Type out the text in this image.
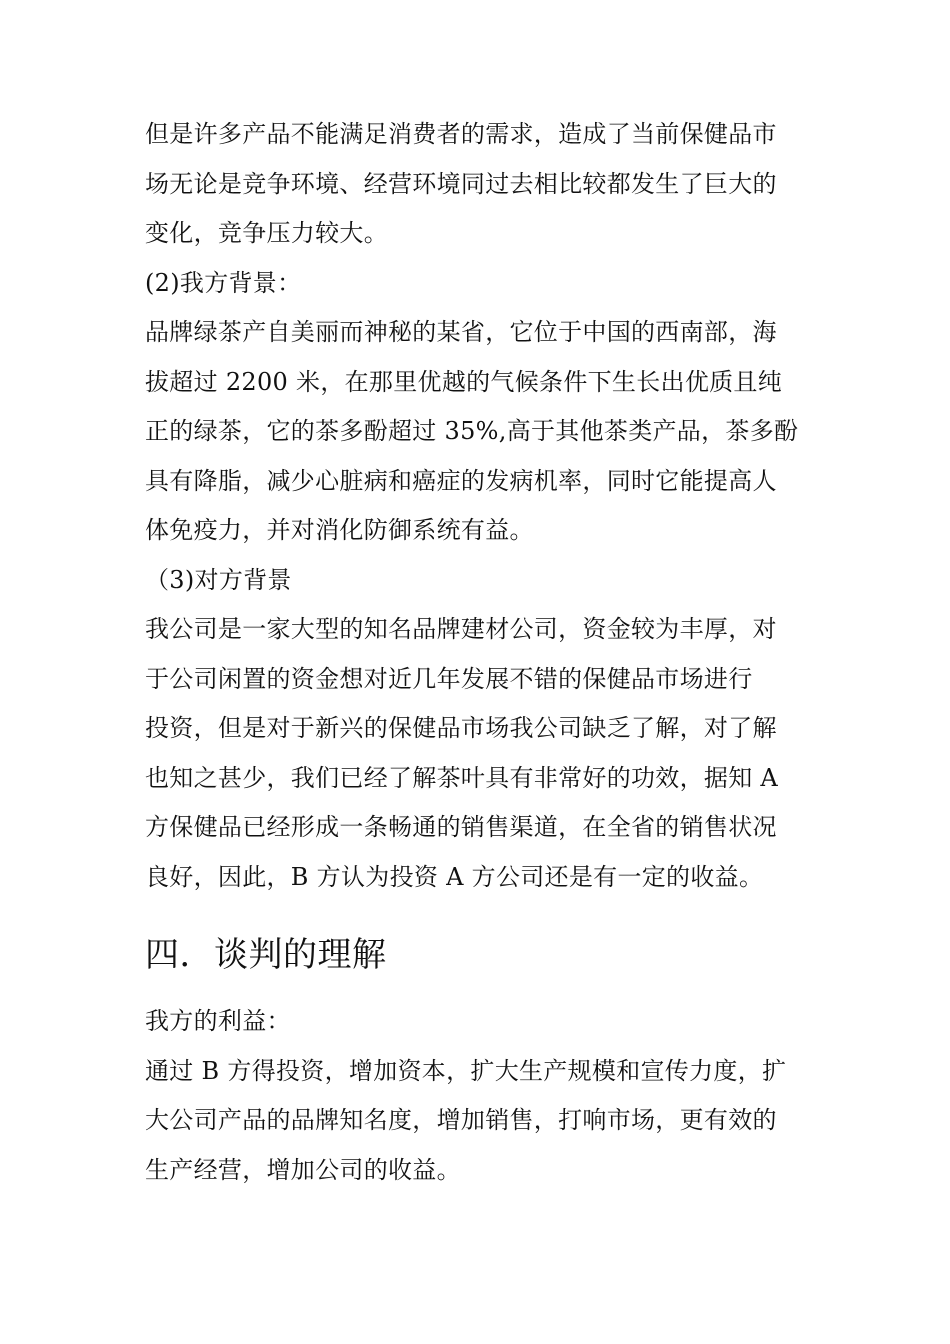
但是许多产品不能满足消费者的需求，造成了当前保健品市
场无论是竞争环境、经营环境同过去相比较都发生了巨大的
变化，竞争压力较大。
(2)我方背景：
品牌绿茶产自美丽而神秘的某省，它位于中国的西南部，海
拔超过 2200 米，在那里优越的气候条件下生长出优质且纯
正的绿茶，它的茶多酚超过 35%,高于其他茶类产品，茶多酚
具有降脂，减少心脏病和癌症的发病机率，同时它能提高人
体免疫力，并对消化防御系统有益。
（3)对方背景
我公司是一家大型的知名品牌建材公司，资金较为丰厚，对
于公司闲置的资金想对近几年发展不错的保健品市场进行
投资，但是对于新兴的保健品市场我公司缺乏了解，对了解
也知之甚少，我们已经了解茶叶具有非常好的功效，据知 A
方保健品已经形成一条畅通的销售渠道，在全省的销售状况
良好，因此，B 方认为投资 A 方公司还是有一定的收益。
四．谈判的理解
我方的利益：
通过 B 方得投资，增加资本，扩大生产规模和宣传力度，扩
大公司产品的品牌知名度，增加销售，打响市场，更有效的
生产经营，增加公司的收益。
